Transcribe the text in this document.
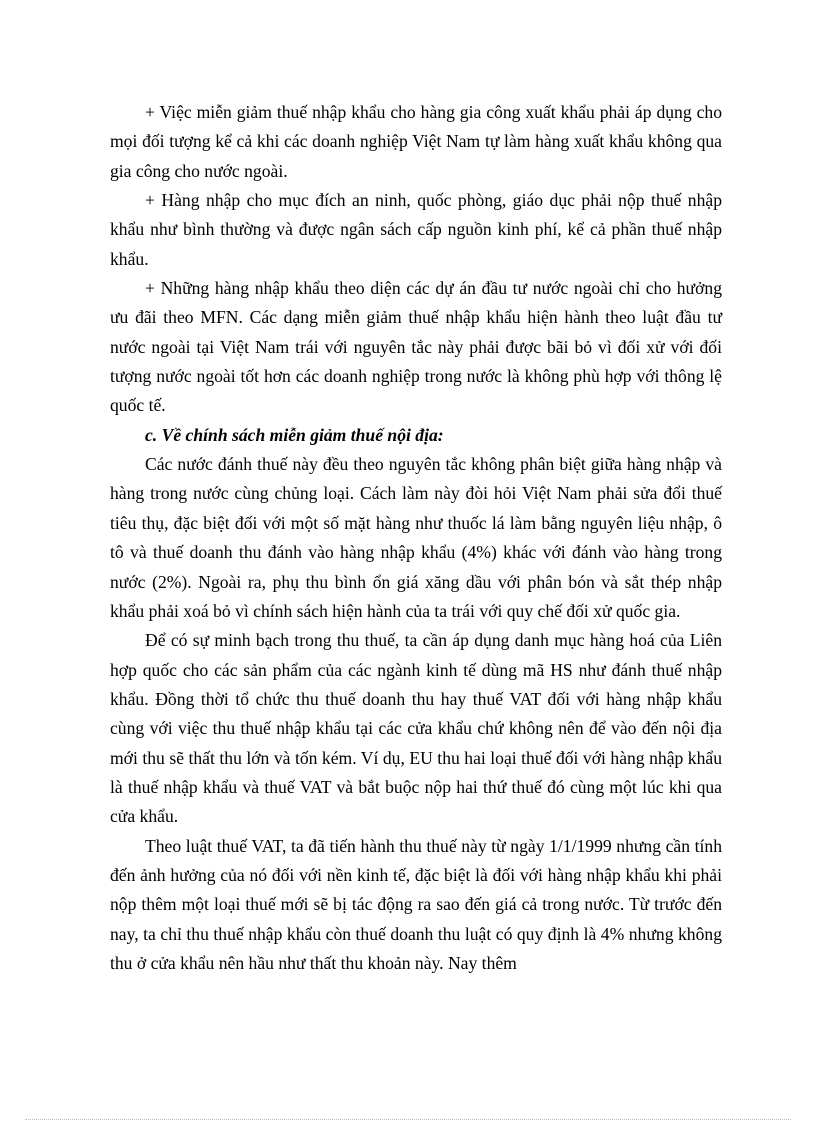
+ Việc miễn giảm thuế nhập khẩu cho hàng gia công xuất khẩu phải áp dụng cho mọi đối tượng kể cả khi các doanh nghiệp Việt Nam tự làm hàng xuất khẩu không qua gia công cho nước ngoài.

+ Hàng nhập cho mục đích an ninh, quốc phòng, giáo dục phải nộp thuế nhập khẩu như bình thường và được ngân sách cấp nguồn kinh phí, kể cả phần thuế nhập khẩu.

+ Những hàng nhập khẩu theo diện các dự án đầu tư nước ngoài chỉ cho hưởng ưu đãi theo MFN. Các dạng miễn giảm thuế nhập khẩu hiện hành theo luật đầu tư nước ngoài tại Việt Nam trái với nguyên tắc này phải được bãi bỏ vì đối xử với đối tượng nước ngoài tốt hơn các doanh nghiệp trong nước là không phù hợp với thông lệ quốc tế.

c. Về chính sách miễn giảm thuế nội địa:

Các nước đánh thuế này đều theo nguyên tắc không phân biệt giữa hàng nhập và hàng trong nước cùng chủng loại. Cách làm này đòi hỏi Việt Nam phải sửa đổi thuế tiêu thụ, đặc biệt đối với một số mặt hàng như thuốc lá làm bằng nguyên liệu nhập, ô tô và thuế doanh thu đánh vào hàng nhập khẩu (4%) khác với đánh vào hàng trong nước (2%). Ngoài ra, phụ thu bình ổn giá xăng dầu với phân bón và sắt thép nhập khẩu phải xoá bỏ vì chính sách hiện hành của ta trái với quy chế đối xử quốc gia.

Để có sự minh bạch trong thu thuế, ta cần áp dụng danh mục hàng hoá của Liên hợp quốc cho các sản phẩm của các ngành kinh tế dùng mã HS như đánh thuế nhập khẩu. Đồng thời tổ chức thu thuế doanh thu hay thuế VAT đối với hàng nhập khẩu cùng với việc thu thuế nhập khẩu tại các cửa khẩu chứ không nên để vào đến nội địa mới thu sẽ thất thu lớn và tốn kém. Ví dụ, EU thu hai loại thuế đối với hàng nhập khẩu là thuế nhập khẩu và thuế VAT và bắt buộc nộp hai thứ thuế đó cùng một lúc khi qua cửa khẩu.

Theo luật thuế VAT, ta đã tiến hành thu thuế này từ ngày 1/1/1999 nhưng cần tính đến ảnh hưởng của nó đối với nền kinh tế, đặc biệt là đối với hàng nhập khẩu khi phải nộp thêm một loại thuế mới sẽ bị tác động ra sao đến giá cả trong nước. Từ trước đến nay, ta chỉ thu thuế nhập khẩu còn thuế doanh thu luật có quy định là 4% nhưng không thu ở cửa khẩu nên hầu như thất thu khoản này. Nay thêm
